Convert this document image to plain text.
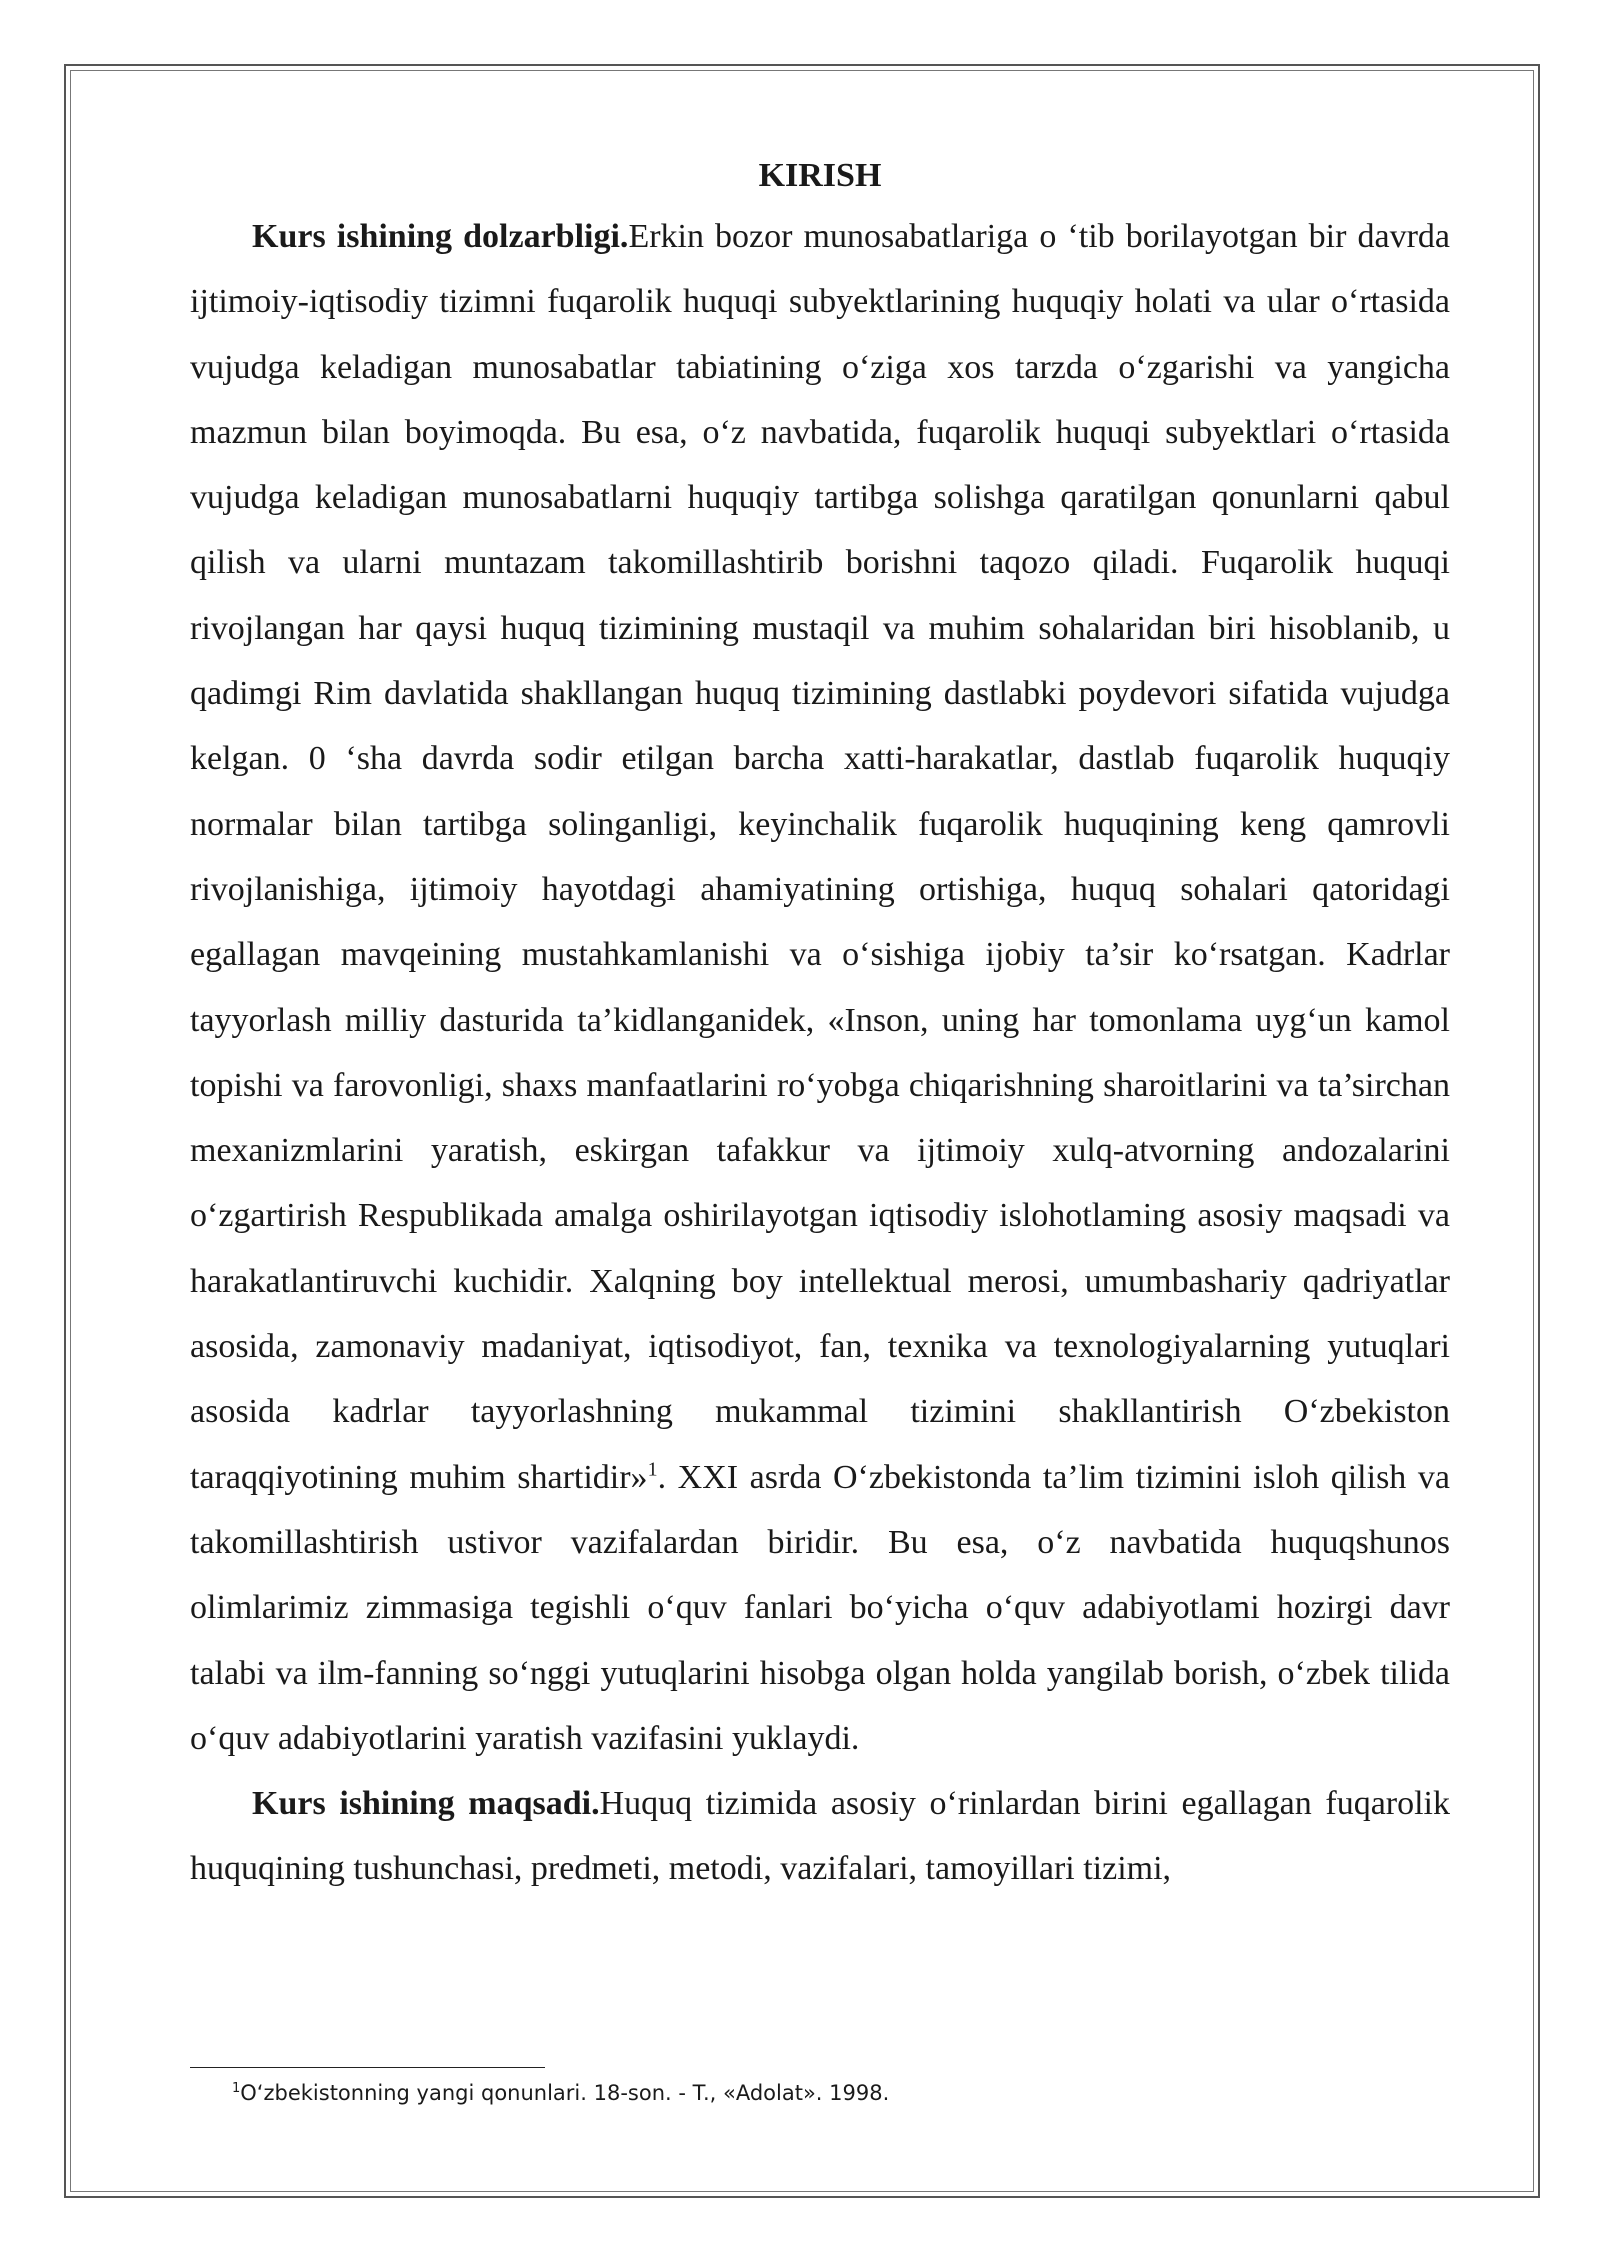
KIRISH

Kurs ishining dolzarbligi.Erkin bozor munosabatlariga o ‘tib borilayotgan bir davrda ijtimoiy-iqtisodiy tizimni fuqarolik huquqi subyektlarining huquqiy holati va ular o‘rtasida vujudga keladigan munosabatlar tabiatining o‘ziga xos tarzda o‘zgarishi va yangicha mazmun bilan boyimoqda. Bu esa, o‘z navbatida, fuqarolik huquqi subyektlari o‘rtasida vujudga keladigan munosabatlarni huquqiy tartibga solishga qaratilgan qonunlarni qabul qilish va ularni muntazam takomillashtirib borishni taqozo qiladi. Fuqarolik huquqi rivojlangan har qaysi huquq tizimining mustaqil va muhim sohalaridan biri hisoblanib, u qadimgi Rim davlatida shakllangan huquq tizimining dastlabki poydevori sifatida vujudga kelgan. 0 ‘sha davrda sodir etilgan barcha xatti-harakatlar, dastlab fuqarolik huquqiy normalar bilan tartibga solinganligi, keyinchalik fuqarolik huquqining keng qamrovli rivojlanishiga, ijtimoiy hayotdagi ahamiyatining ortishiga, huquq sohalari qatoridagi egallagan mavqeining mustahkamlanishi va o‘sishiga ijobiy ta’sir ko‘rsatgan. Kadrlar tayyorlash milliy dasturida ta’kidlanganidek, «Inson, uning har tomonlama uyg‘un kamol topishi va farovonligi, shaxs manfaatlarini ro‘yobga chiqarishning sharoitlarini va ta’sirchan mexanizmlarini yaratish, eskirgan tafakkur va ijtimoiy xulq-atvorning andozalarini o‘zgartirish Respublikada amalga oshirilayotgan iqtisodiy islohotlaming asosiy maqsadi va harakatlantiruvchi kuchidir. Xalqning boy intellektual merosi, umumbashariy qadriyatlar asosida, zamonaviy madaniyat, iqtisodiyot, fan, texnika va texnologiyalarning yutuqlari asosida kadrlar tayyorlashning mukammal tizimini shakllantirish O‘zbekiston taraqqiyotining muhim shartidir»$^1$. XXI asrda O‘zbekistonda ta’lim tizimini isloh qilish va takomillashtirish ustivor vazifalardan biridir. Bu esa, o‘z navbatida huquqshunos olimlarimiz zimmasiga tegishli o‘quv fanlari bo‘yicha o‘quv adabiyotlami hozirgi davr talabi va ilm-fanning so‘nggi yutuqlarini hisobga olgan holda yangilab borish, o‘zbek tilida o‘quv adabiyotlarini yaratish vazifasini yuklaydi.

Kurs ishining maqsadi.Huquq tizimida asosiy o‘rinlardan birini egallagan fuqarolik huquqining tushunchasi, predmeti, metodi, vazifalari, tamoyillari tizimi,

$^1$O‘zbekistonning yangi qonunlari. 18-son. - T., «Adolat». 1998.
